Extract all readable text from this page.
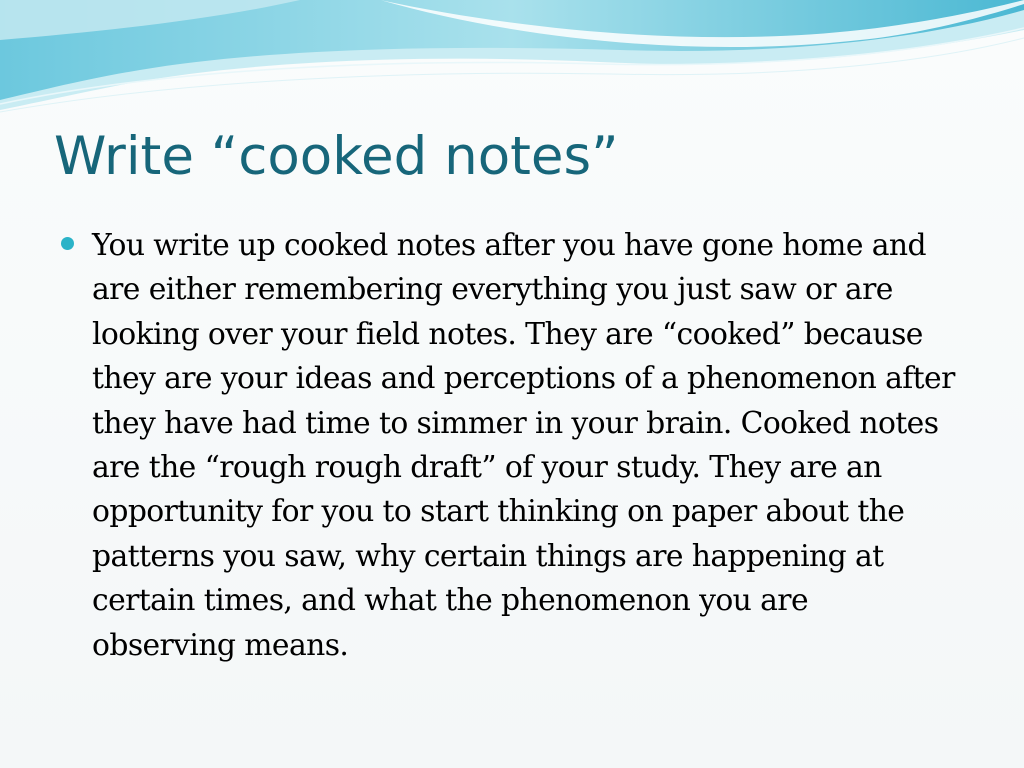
Write “cooked notes”

You write up cooked notes after you have gone home and are either remembering everything you just saw or are looking over your field notes. They are “cooked” because they are your ideas and perceptions of a phenomenon after they have had time to simmer in your brain. Cooked notes are the “rough rough draft” of your study. They are an opportunity for you to start thinking on paper about the patterns you saw, why certain things are happening at certain times, and what the phenomenon you are observing means.
